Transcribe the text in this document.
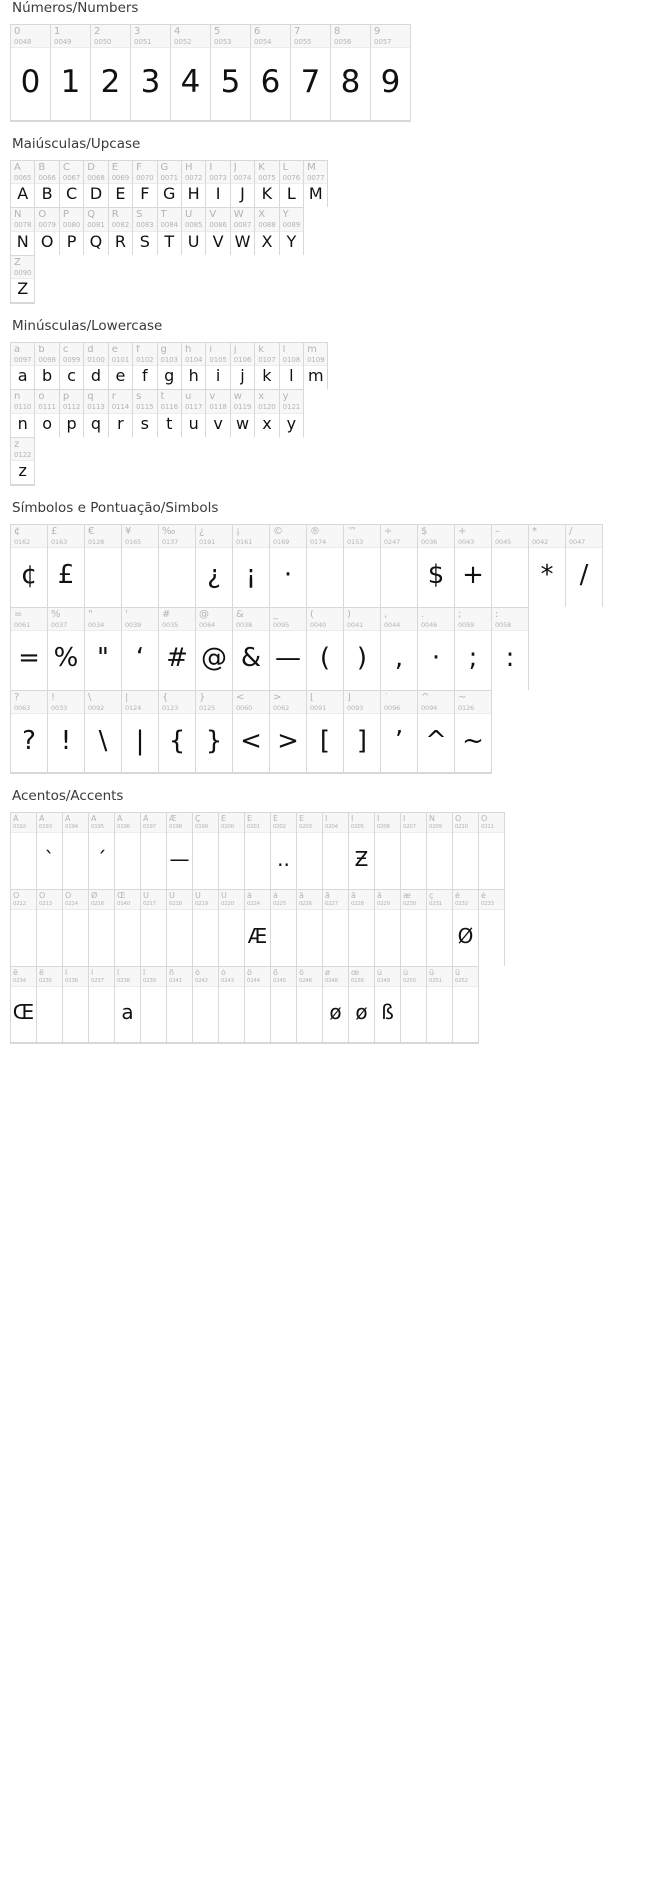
Números/Numbers
0
0048
0
1
0049
1
2
0050
2
3
0051
3
4
0052
4
5
0053
5
6
0054
6
7
0055
7
8
0056
8
9
0057
9
Maiúsculas/Upcase
A
0065
A
B
0066
B
C
0067
C
D
0068
D
E
0069
E
F
0070
F
G
0071
G
H
0072
H
I
0073
I
J
0074
J
K
0075
K
L
0076
L
M
0077
M
N
0078
N
O
0079
O
P
0080
P
Q
0081
Q
R
0082
R
S
0083
S
T
0084
T
U
0085
U
V
0086
V
W
0087
W
X
0088
X
Y
0089
Y
Z
0090
Z
Minúsculas/Lowercase
a
0097
a
b
0098
b
c
0099
c
d
0100
d
e
0101
e
f
0102
f
g
0103
g
h
0104
h
i
0105
i
j
0106
j
k
0107
k
l
0108
l
m
0109
m
n
0110
n
o
0111
o
p
0112
p
q
0113
q
r
0114
r
s
0115
s
t
0116
t
u
0117
u
v
0118
v
w
0119
w
x
0120
x
y
0121
y
z
0122
z
Símbolos e Pontuação/Simbols
¢
0162
¢
£
0163
£
€
0128
¥
0165
‰
0137
¿
0191
¿
¡
0161
¡
©
0169
·
®
0174
™
0153
÷
0247
$
0036
$
+
0043
+
–
0045
*
0042
*
/
0047
/
=
0061
=
%
0037
%
"
0034
"
'
0039
‘
#
0035
#
@
0064
@
&
0038
&
_
0095
—
(
0040
(
)
0041
)
,
0044
,
.
0046
·
;
0059
;
:
0058
:
?
0063
?
!
0033
!
\
0092
\
|
0124
|
{
0123
{
}
0125
}
<
0060
<
>
0062
>
[
0091
[
]
0093
]
`
0096
’
^
0094
^
~
0126
~
Acentos/Accents
À
0192
Á
0193
`
Â
0194
Ã
0195
´
Ä
0196
Å
0197
Æ
0198
—
Ç
0199
È
0200
É
0201
Ê
0202
..
Ë
0203
Ì
0204
Í
0205
Ƶ
Î
0206
Ï
0207
Ñ
0209
Ò
0210
Ó
0211
Ô
0212
Õ
0213
Ö
0214
Ø
0216
Œ
0140
Ù
0217
Ú
0218
Û
0219
Ü
0220
à
0224
Æ
á
0225
â
0226
ã
0227
ä
0228
å
0229
æ
0230
ç
0231
è
0232
Ø
é
0233
ê
0234
Œ
ë
0235
ì
0236
í
0237
î
0238
a
ï
0239
ñ
0241
ò
0242
ó
0243
ô
0244
õ
0245
ö
0246
ø
0248
ø
œ
0156
ø
ù
0249
ß
ú
0250
û
0251
ü
0252
